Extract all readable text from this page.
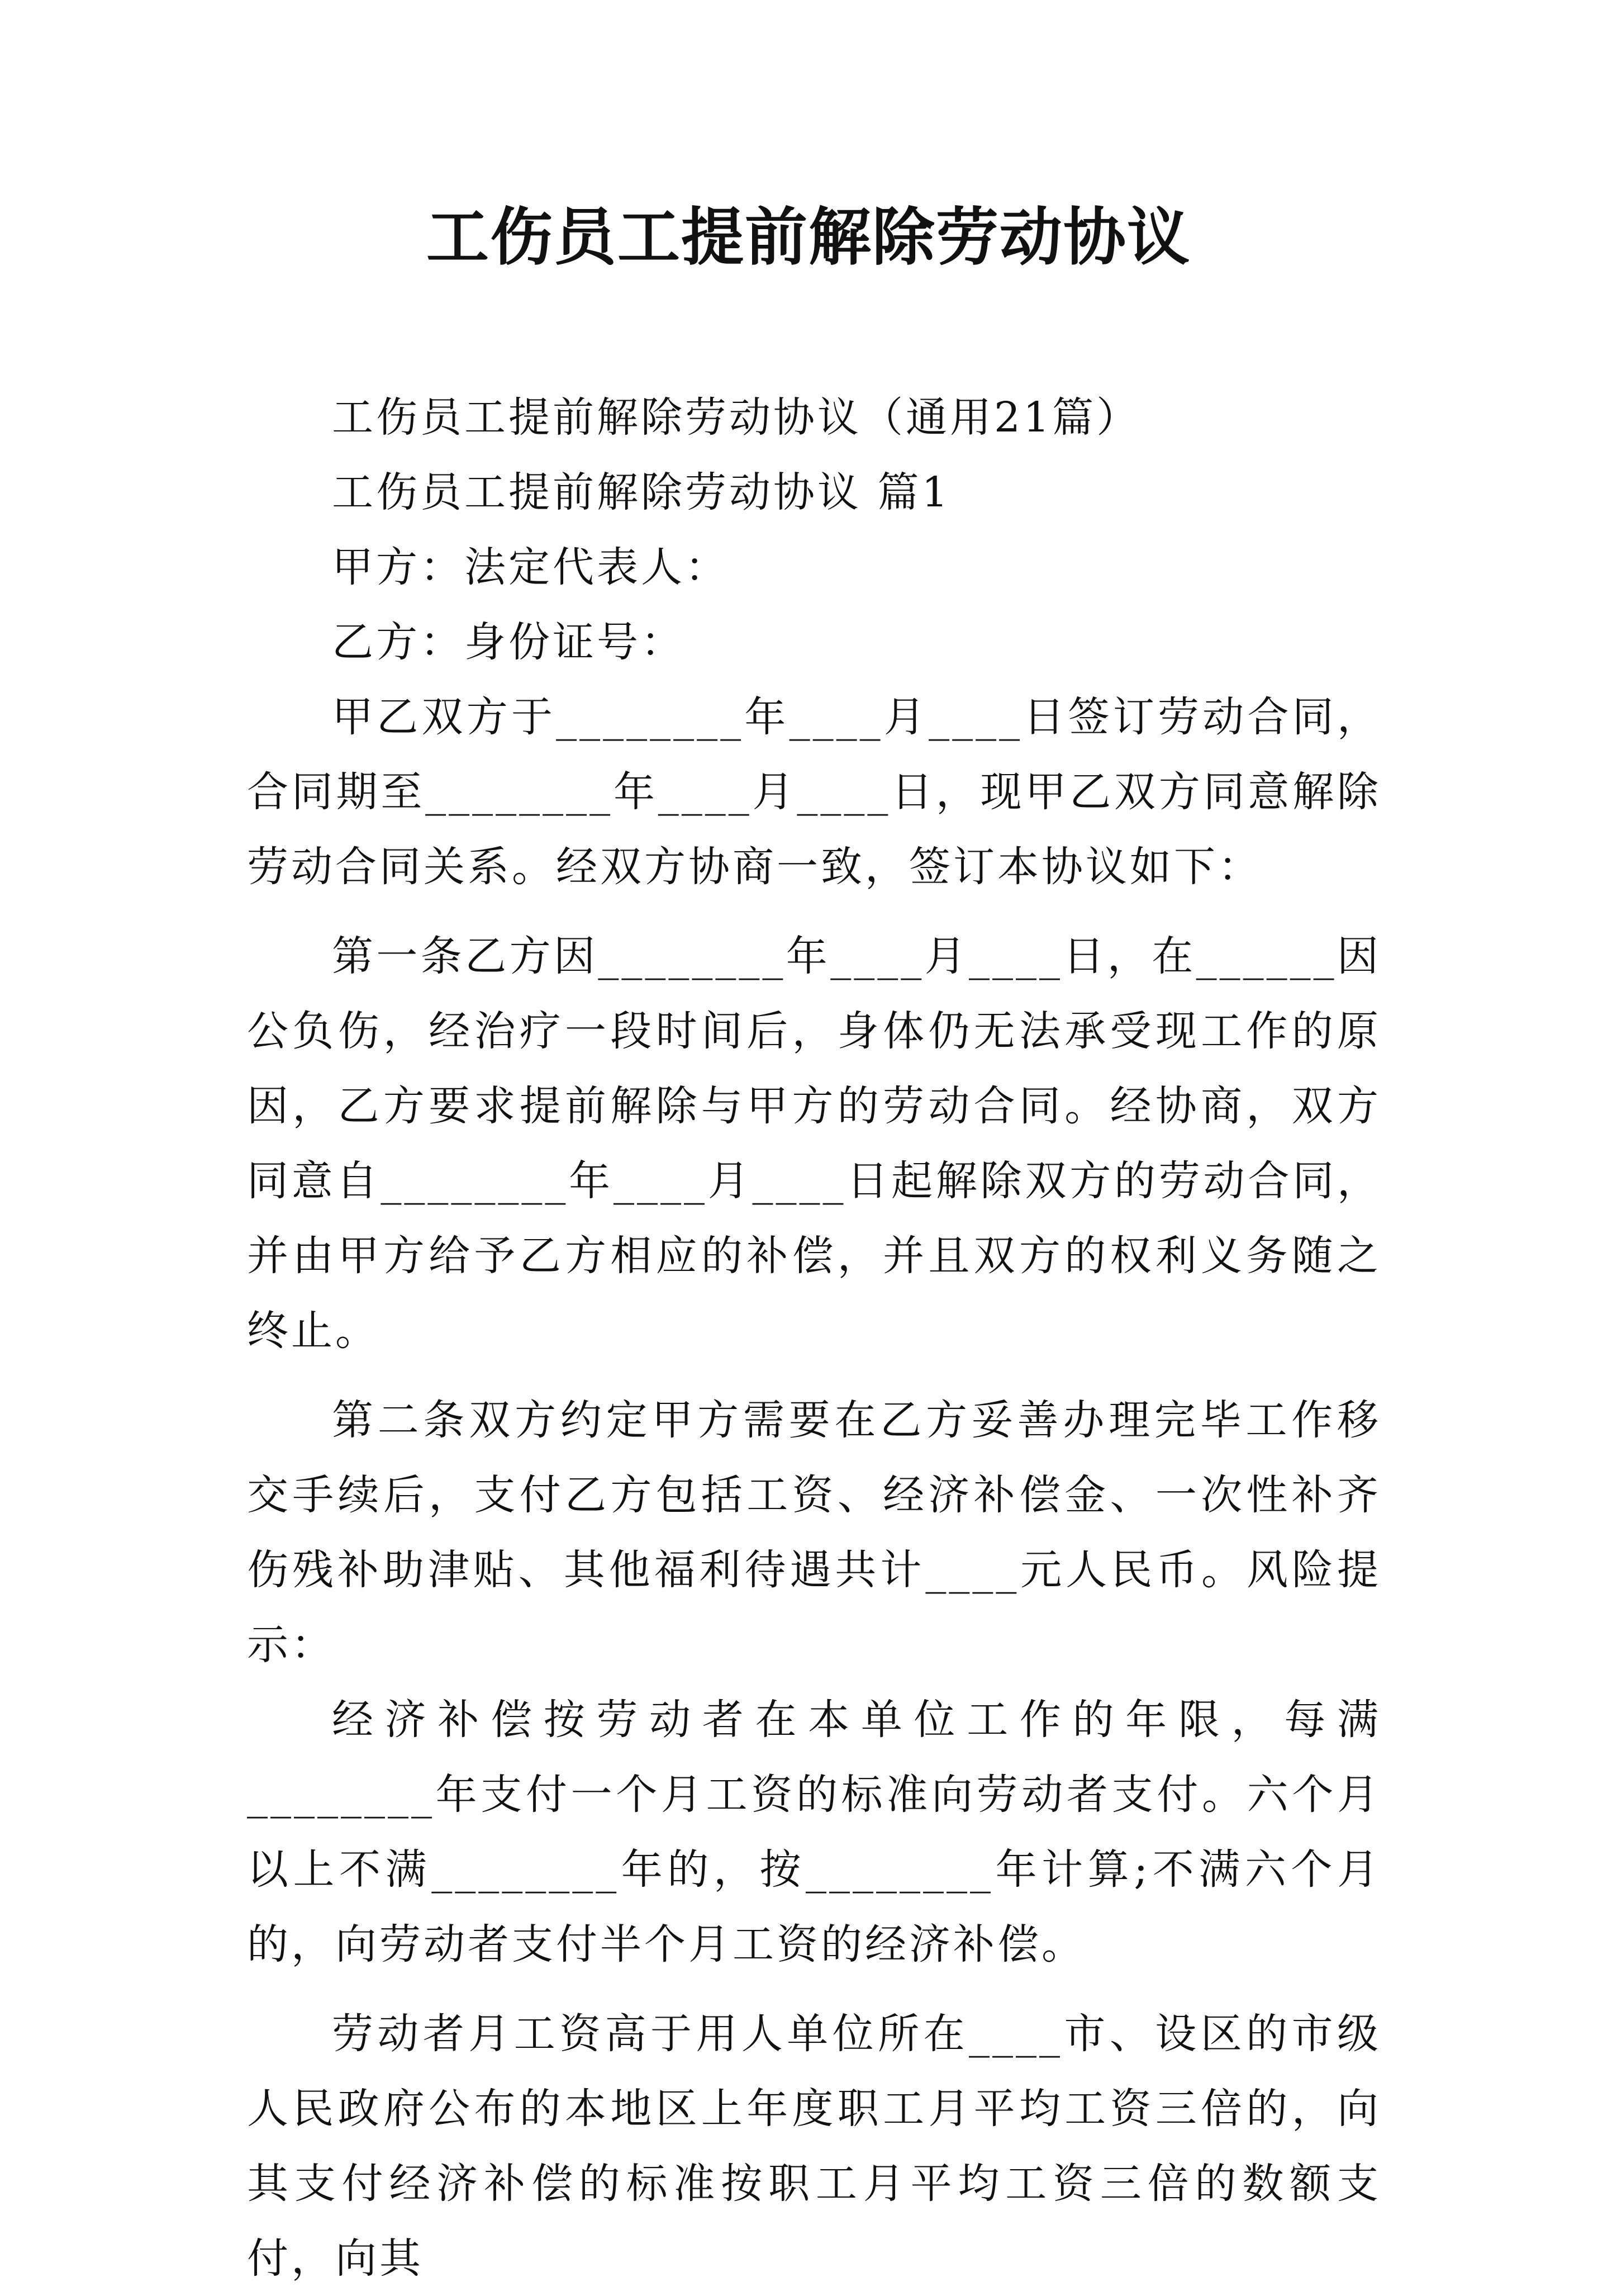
工伤员工提前解除劳动协议

工伤员工提前解除劳动协议（通用21篇）

工伤员工提前解除劳动协议 篇1

甲方：法定代表人：

乙方：身份证号：

甲乙双方于________年____月____日签订劳动合同，合同期至________年____月____日，现甲乙双方同意解除劳动合同关系。经双方协商一致，签订本协议如下：

第一条乙方因________年____月____日，在______因公负伤，经治疗一段时间后，身体仍无法承受现工作的原因，乙方要求提前解除与甲方的劳动合同。经协商，双方同意自________年____月____日起解除双方的劳动合同，并由甲方给予乙方相应的补偿，并且双方的权利义务随之终止。

第二条双方约定甲方需要在乙方妥善办理完毕工作移交手续后，支付乙方包括工资、经济补偿金、一次性补齐伤残补助津贴、其他福利待遇共计____元人民币。风险提示：

经济补偿按劳动者在本单位工作的年限，每满________年支付一个月工资的标准向劳动者支付。六个月以上不满________年的，按________年计算;不满六个月的，向劳动者支付半个月工资的经济补偿。

劳动者月工资高于用人单位所在____市、设区的市级人民政府公布的本地区上年度职工月平均工资三倍的，向其支付经济补偿的标准按职工月平均工资三倍的数额支付，向其
